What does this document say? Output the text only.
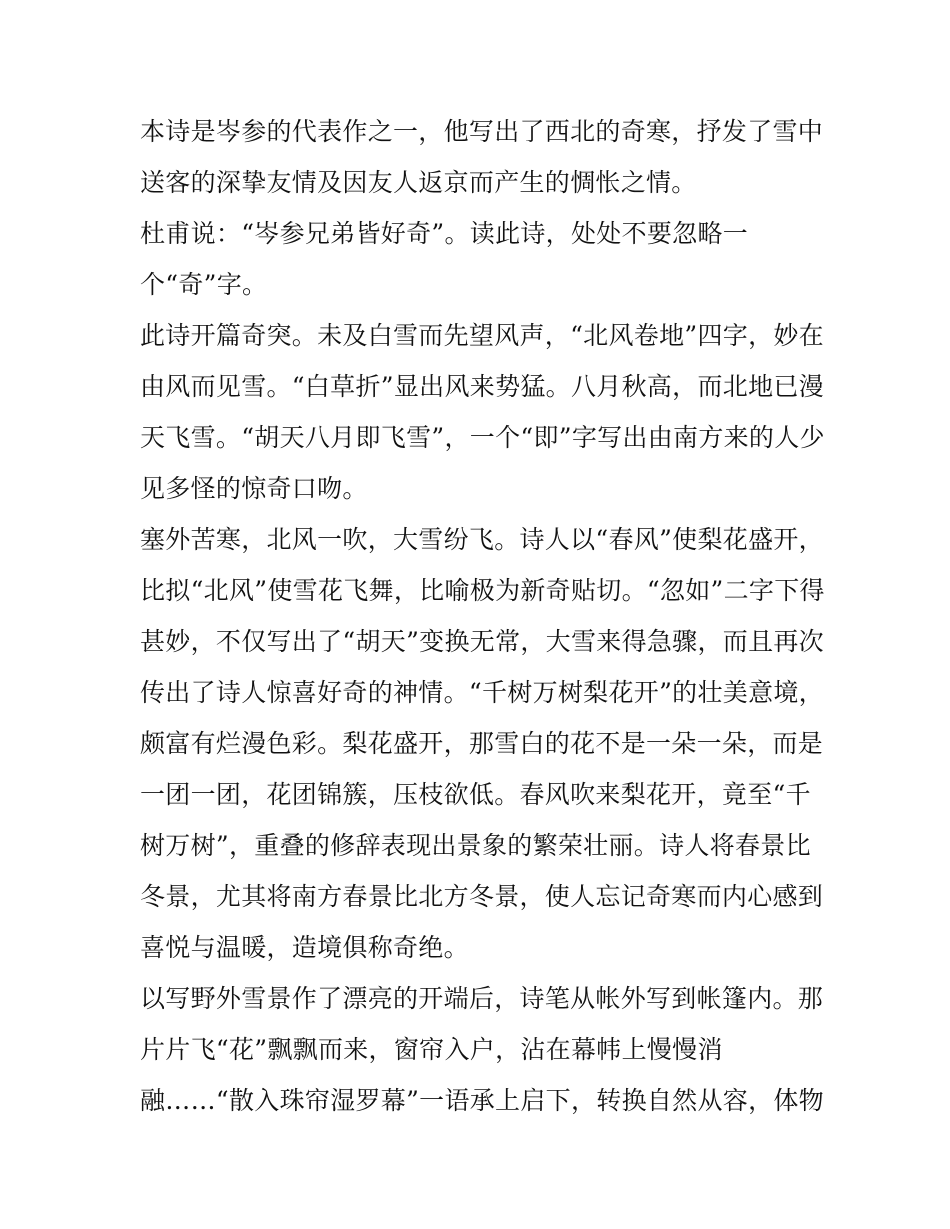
本诗是岑参的代表作之一，他写出了西北的奇寒，抒发了雪中
送客的深挚友情及因友人返京而产生的惆怅之情。
杜甫说：“岑参兄弟皆好奇”。读此诗，处处不要忽略一
个“奇”字。
此诗开篇奇突。未及白雪而先望风声，“北风卷地”四字，妙在
由风而见雪。“白草折”显出风来势猛。八月秋高，而北地已漫
天飞雪。“胡天八月即飞雪”，一个“即”字写出由南方来的人少
见多怪的惊奇口吻。
塞外苦寒，北风一吹，大雪纷飞。诗人以“春风”使梨花盛开，
比拟“北风”使雪花飞舞，比喻极为新奇贴切。“忽如”二字下得
甚妙，不仅写出了“胡天”变换无常，大雪来得急骤，而且再次
传出了诗人惊喜好奇的神情。“千树万树梨花开”的壮美意境，
颇富有烂漫色彩。梨花盛开，那雪白的花不是一朵一朵，而是
一团一团，花团锦簇，压枝欲低。春风吹来梨花开，竟至“千
树万树”，重叠的修辞表现出景象的繁荣壮丽。诗人将春景比
冬景，尤其将南方春景比北方冬景，使人忘记奇寒而内心感到
喜悦与温暖，造境俱称奇绝。
以写野外雪景作了漂亮的开端后，诗笔从帐外写到帐篷内。那
片片飞“花”飘飘而来，窗帘入户，沾在幕帏上慢慢消
融……“散入珠帘湿罗幕”一语承上启下，转换自然从容，体物
